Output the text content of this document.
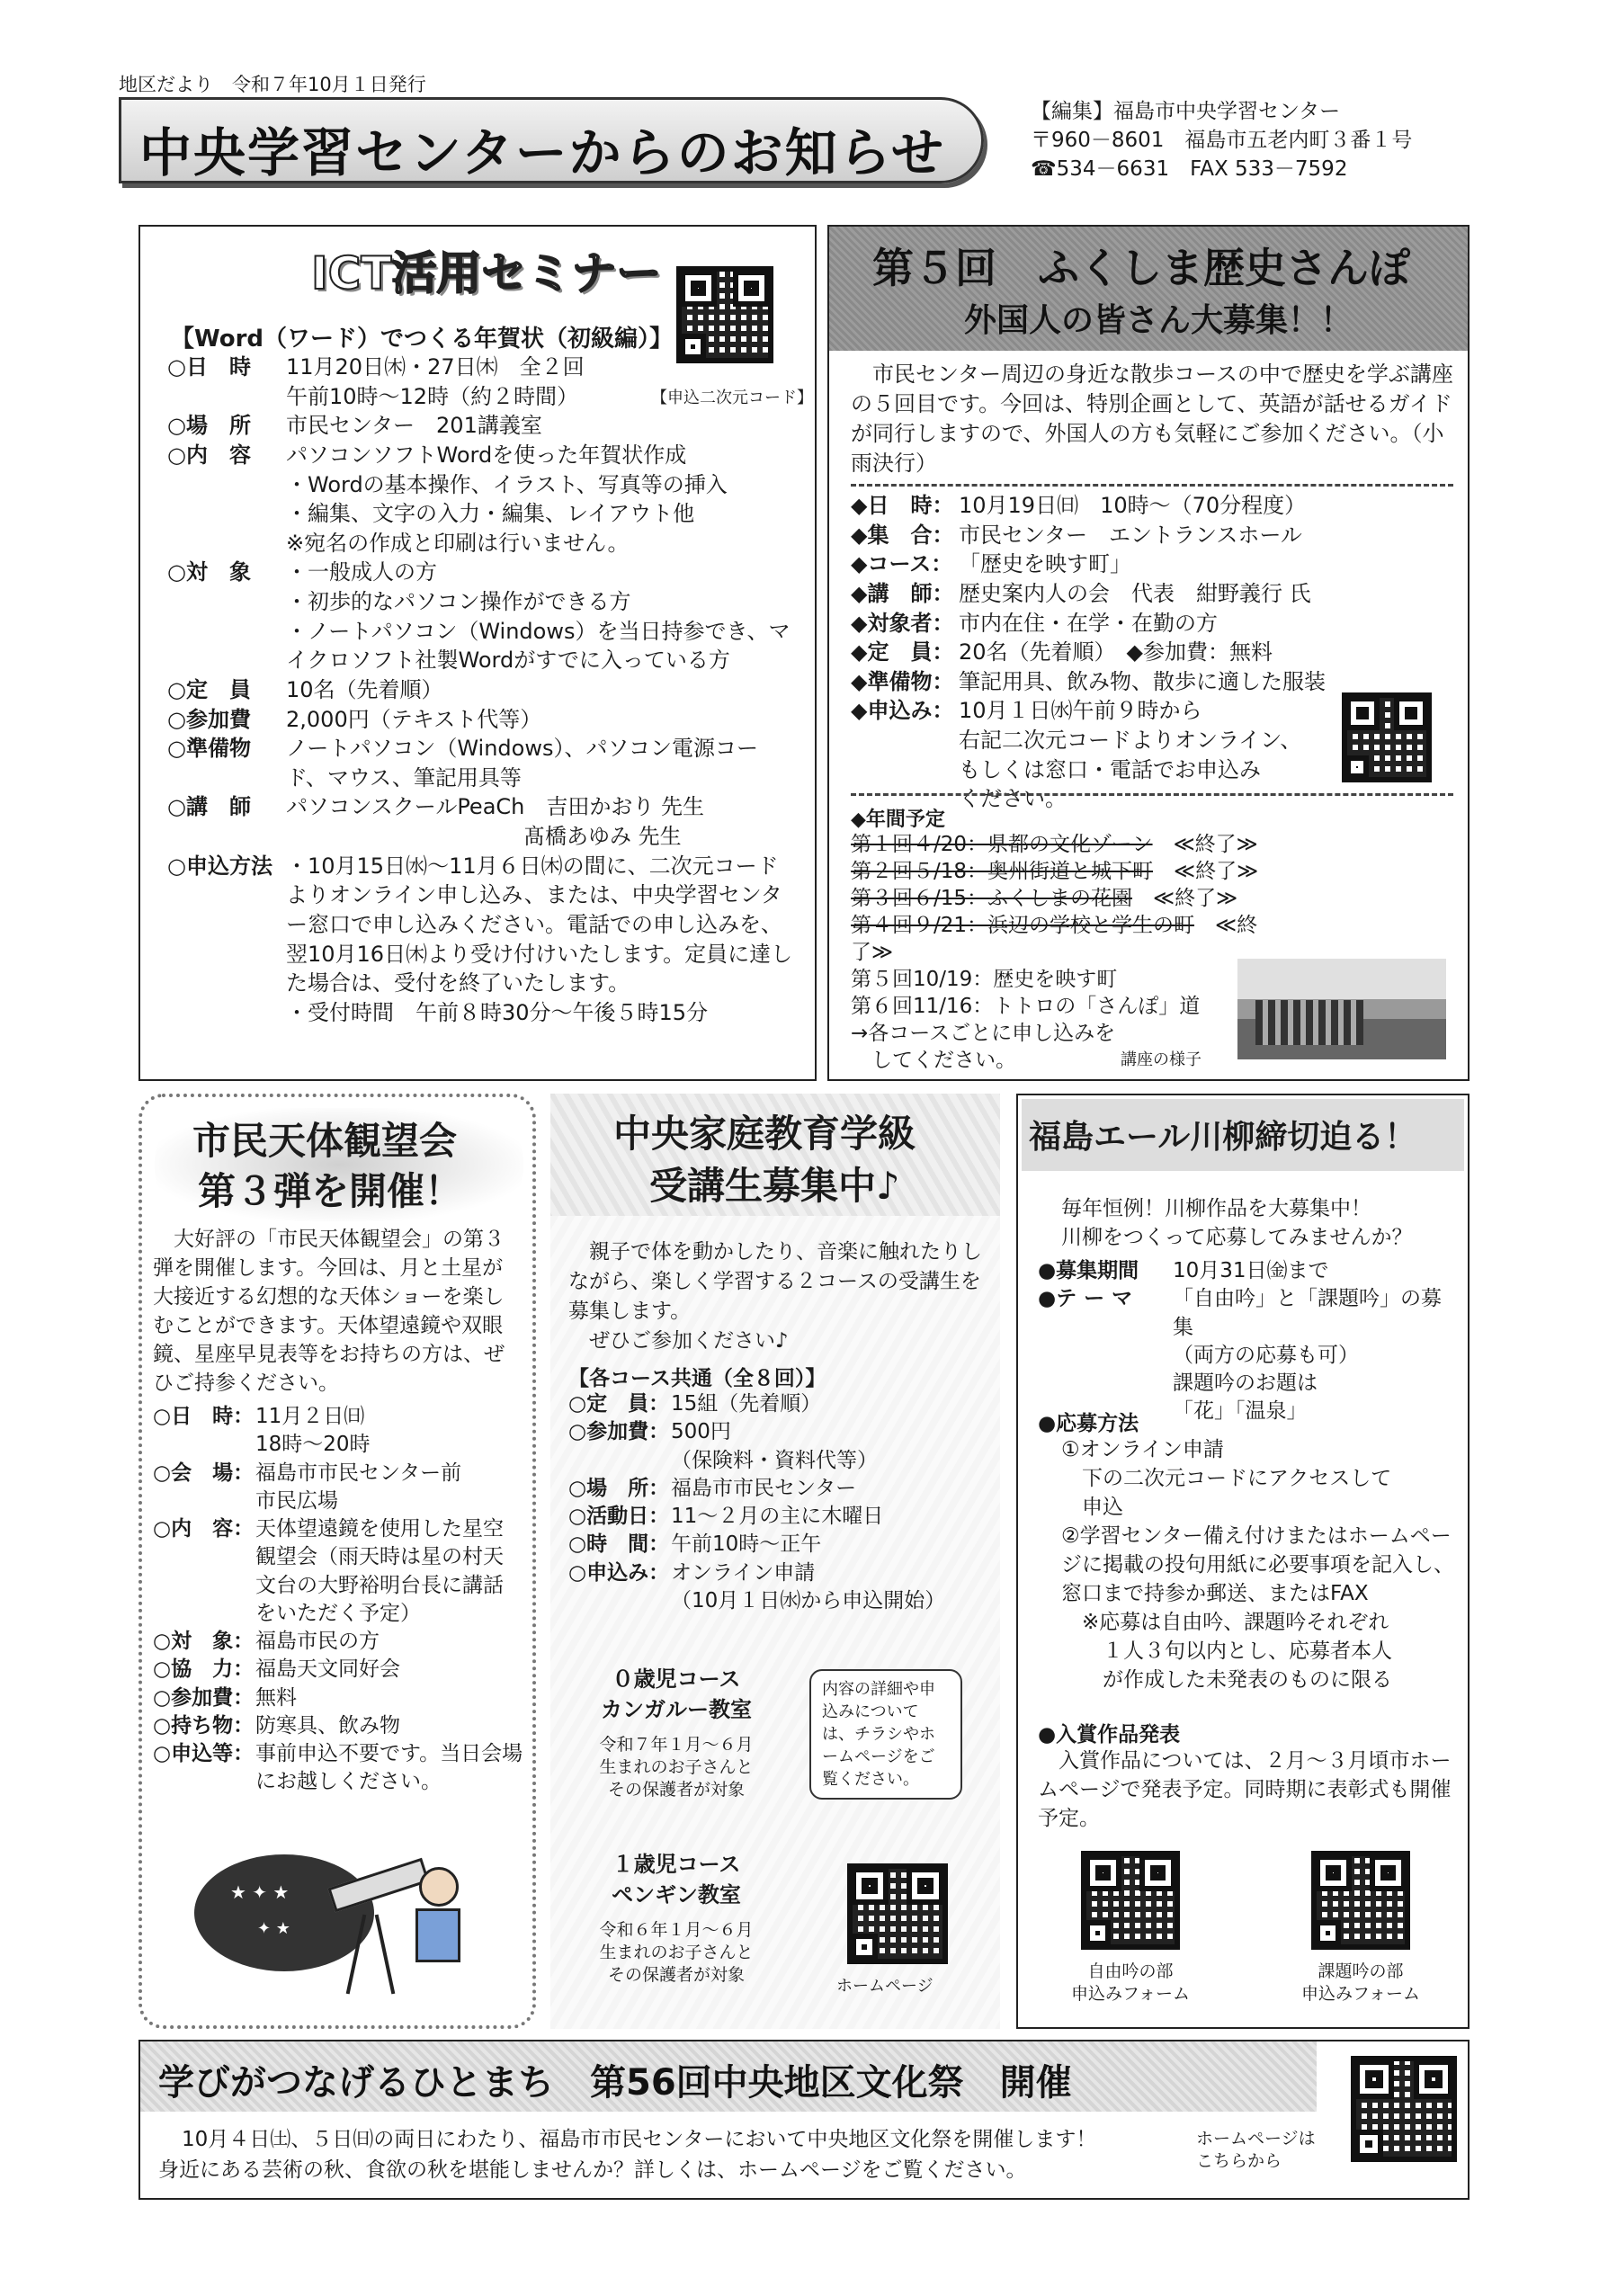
地区だより　令和７年10月１日発行
中央学習センターからのお知らせ
【編集】福島市中央学習センター
〒960－8601　福島市五老内町３番１号
☎534－6631　 FAX 533－7592
ICT活用セミナー
【申込二次元コード】
【Word（ワード）でつくる年賀状（初級編）】
○日　時	11月20日㈭・27日㈭　全２回
午前10時～12時（約２時間）
○場　所	市民センター　201講義室
○内　容	パソコンソフトWordを使った年賀状作成
・Wordの基本操作、イラスト、写真等の挿入
・編集、文字の入力・編集、レイアウト他
※宛名の作成と印刷は行いません。
○対　象	・一般成人の方
・初歩的なパソコン操作ができる方
・ノートパソコン（Windows）を当日持参でき、マイクロソフト社製Wordがすでに入っている方
○定　員	10名（先着順）
○参加費	2,000円（テキスト代等）
○準備物	ノートパソコン（Windows）、パソコン電源コード、マウス、筆記用具等
○講　師	パソコンスクールPeaCh　吉田かおり 先生
　　　　　　　　　　　髙橋あゆみ 先生
○申込方法 ・10月15日㈬～11月６日㈭の間に、二次元コードよりオンライン申し込み、または、中央学習センター窓口で申し込みください。電話での申し込みを、翌10月16日㈭より受け付けいたします。定員に達した場合は、受付を終了いたします。
・受付時間　午前８時30分～午後５時15分
第５回　ふくしま歴史さんぽ
外国人の皆さん大募集！！
　市民センター周辺の身近な散歩コースの中で歴史を学ぶ講座の５回目です。今回は、特別企画として、英語が話せるガイドが同行しますので、外国人の方も気軽にご参加ください。（小雨決行）
◆日　時： 10月19日㈰　10時～（70分程度）
◆集　合： 市民センター　エントランスホール
◆コース： 「歴史を映す町」
◆講　師： 歴史案内人の会　代表　紺野義行 氏
◆対象者： 市内在住・在学・在勤の方
◆定　員： 20名（先着順）　◆参加費：無料
◆準備物： 筆記用具、飲み物、散歩に適した服装
◆申込み： 10月１日㈬午前９時から
右記二次元コードよりオンライン、
もしくは窓口・電話でお申込み
ください。
◆年間予定
第１回４/20：県都の文化ゾーン　≪終了≫
第２回５/18：奥州街道と城下町　≪終了≫
第３回６/15：ふくしまの花園　≪終了≫
第４回９/21：浜辺の学校と学生の町　≪終了≫
第５回10/19：歴史を映す町
第６回11/16：トトロの「さんぽ」道
→各コースごとに申し込みを
　してください。	講座の様子
市民天体観望会
第３弾を開催！
　大好評の「市民天体観望会」の第３弾を開催します。今回は、月と土星が大接近する幻想的な天体ショーを楽しむことができます。天体望遠鏡や双眼鏡、星座早見表等をお持ちの方は、ぜひご持参ください。
○日　時： 11月２日㈰
18時～20時
○会　場： 福島市市民センター前
市民広場
○内　容： 天体望遠鏡を使用した星空観望会（雨天時は星の村天文台の大野裕明台長に講話をいただく予定）
○対　象： 福島市民の方
○協　力： 福島天文同好会
○参加費： 無料
○持ち物： 防寒具、飲み物
○申込等： 事前申込不要です。当日会場にお越しください。
★ ✦ ★
✦ ★
中央家庭教育学級
受講生募集中♪
　親子で体を動かしたり、音楽に触れたりしながら、楽しく学習する２コースの受講生を募集します。
　ぜひご参加ください♪
【各コース共通（全８回）】
○定　員： 15組（先着順）
○参加費： 500円
（保険料・資料代等）
○場　所： 福島市市民センター
○活動日： 11～２月の主に木曜日
○時　間： 午前10時～正午
○申込み： オンライン申請
（10月１日㈬から申込開始）
０歳児コース
カンガルー教室
令和７年１月～６月
生まれのお子さんと
その保護者が対象
１歳児コース
ペンギン教室
令和６年１月～６月
生まれのお子さんと
その保護者が対象
内容の詳細や申込みについては、チラシやホームページをご覧ください。
ホームページ
福島エール川柳締切迫る！
毎年恒例！川柳作品を大募集中！
川柳をつくって応募してみませんか？
●募集期間　 10月31日㈮まで
●テ ー マ　 「自由吟」と「課題吟」の募集
（両方の応募も可）
課題吟のお題は
「花」「温泉」
●応募方法
①オンライン申請
　下の二次元コードにアクセスして
　申込
②学習センター備え付けまたはホームページに掲載の投句用紙に必要事項を記入し、窓口まで持参か郵送、またはFAX
　※応募は自由吟、課題吟それぞれ
　　１人３句以内とし、応募者本人
　　が作成した未発表のものに限る
●入賞作品発表
　入賞作品については、２月～３月頃市ホームページで発表予定。同時期に表彰式も開催予定。
自由吟の部
申込みフォーム
課題吟の部
申込みフォーム
学びがつなげるひとまち　第56回中央地区文化祭　開催
10月４日㈯、５日㈰の両日にわたり、福島市市民センターにおいて中央地区文化祭を開催します！
身近にある芸術の秋、食欲の秋を堪能しませんか？詳しくは、ホームページをご覧ください。
ホームページは
こちらから
